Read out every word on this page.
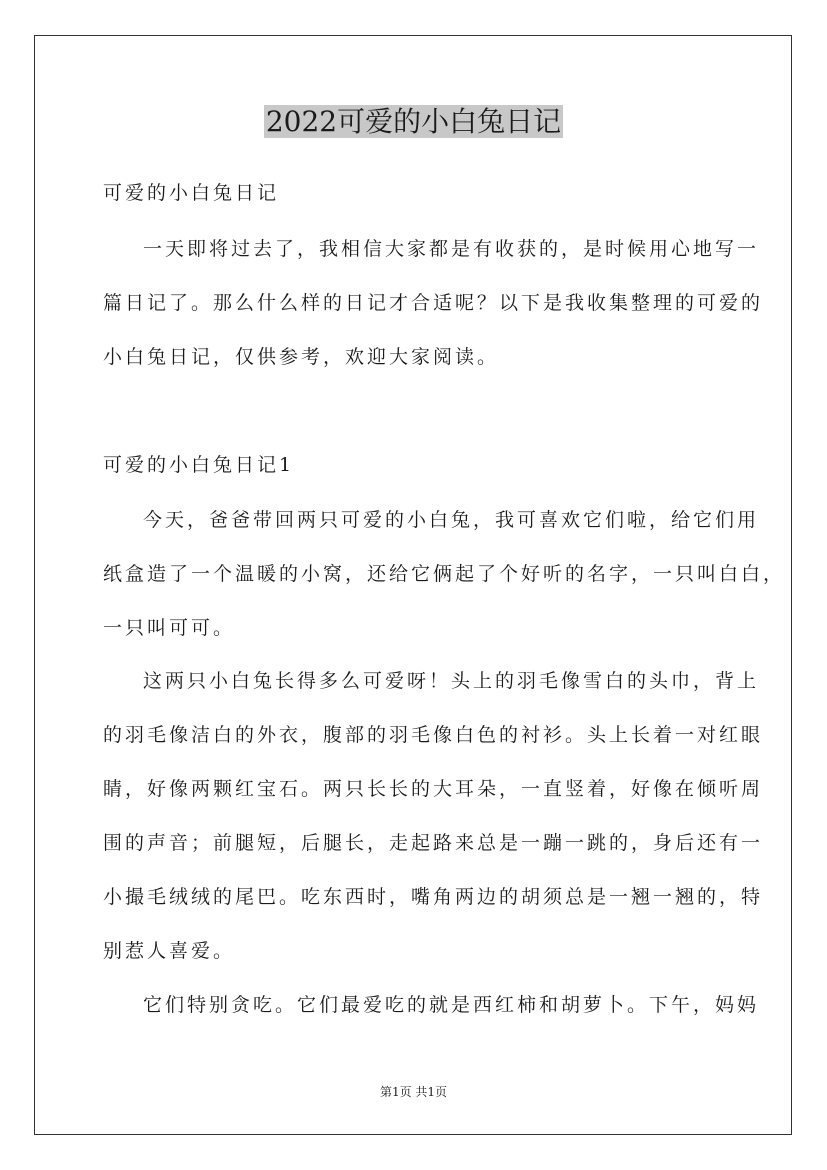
2022可爱的小白兔日记

可爱的小白兔日记

一天即将过去了，我相信大家都是有收获的，是时候用心地写一

篇日记了。那么什么样的日记才合适呢？以下是我收集整理的可爱的

小白兔日记，仅供参考，欢迎大家阅读。

可爱的小白兔日记1

今天，爸爸带回两只可爱的小白兔，我可喜欢它们啦，给它们用

纸盒造了一个温暖的小窝，还给它俩起了个好听的名字，一只叫白白，

一只叫可可。

这两只小白兔长得多么可爱呀！头上的羽毛像雪白的头巾，背上

的羽毛像洁白的外衣，腹部的羽毛像白色的衬衫。头上长着一对红眼

睛，好像两颗红宝石。两只长长的大耳朵，一直竖着，好像在倾听周

围的声音；前腿短，后腿长，走起路来总是一蹦一跳的，身后还有一

小撮毛绒绒的尾巴。吃东西时，嘴角两边的胡须总是一翘一翘的，特

别惹人喜爱。

它们特别贪吃。它们最爱吃的就是西红柿和胡萝卜。下午，妈妈

第1页 共1页
